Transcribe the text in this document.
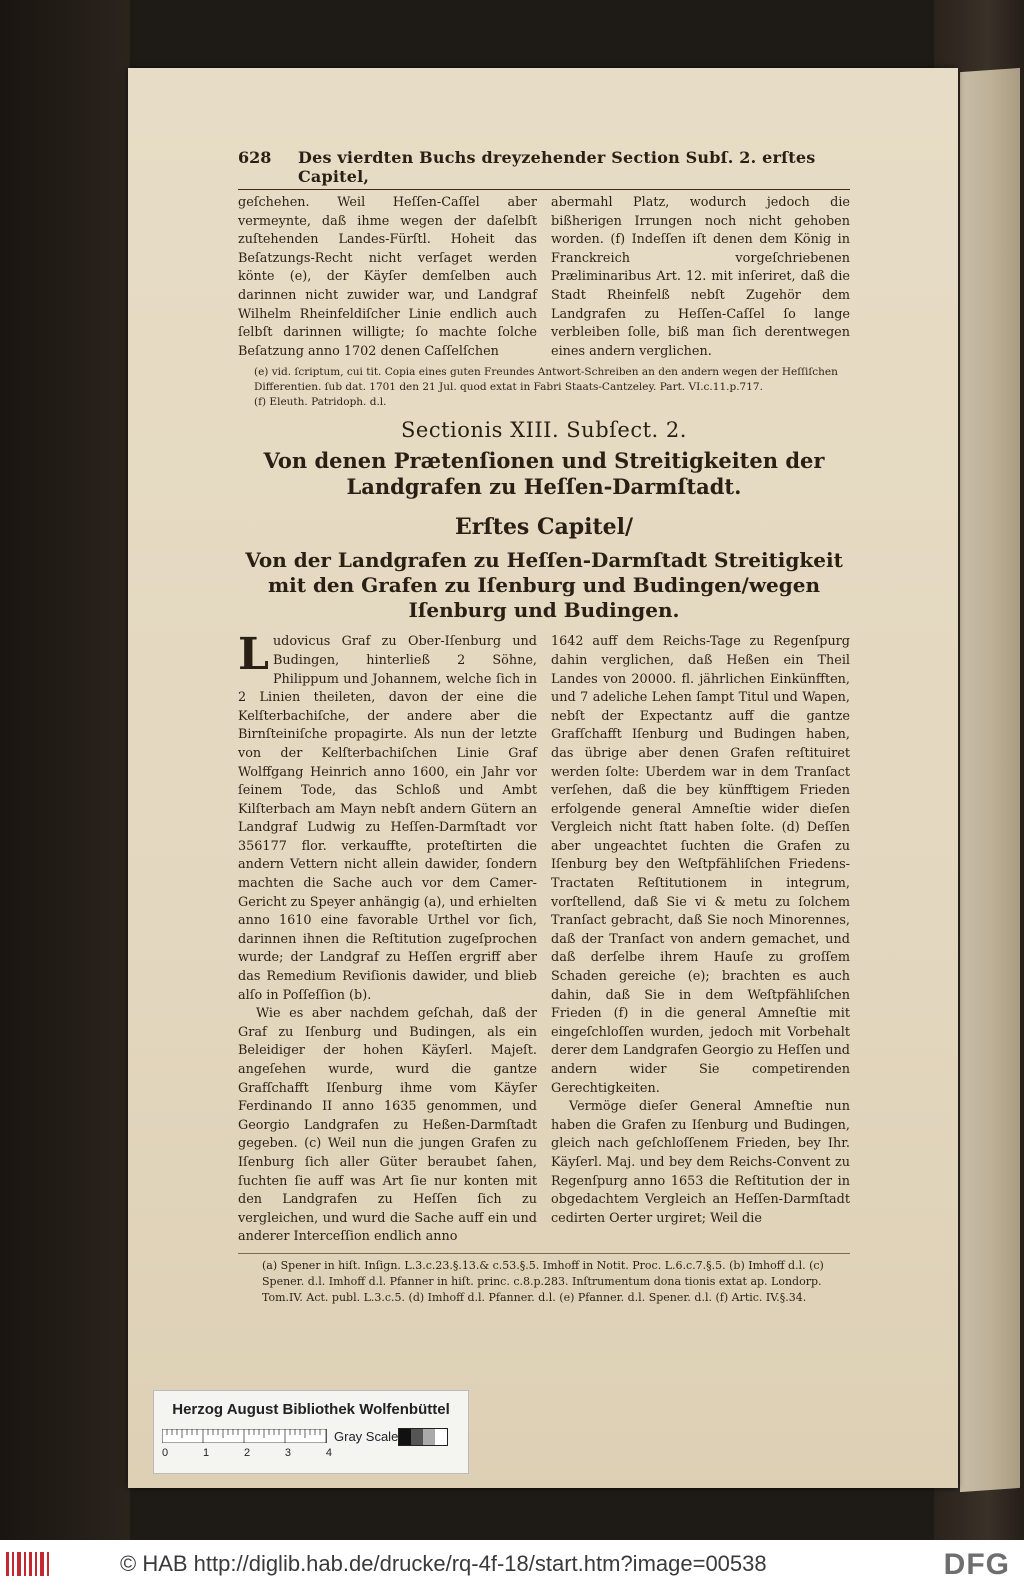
628	Des vierdten Buchs dreyzehender Section Subſ. 2. erſtes Capitel,

geſchehen. Weil Heſſen-Caſſel aber vermeynte, daß ihme wegen der daſelbſt zuſtehenden Landes-Fürſtl. Hoheit das Beſatzungs-Recht nicht verſaget werden könte (e), der Käyſer demſelben auch darinnen nicht zuwider war, und Landgraf Wilhelm Rheinfeldiſcher Linie endlich auch ſelbſt darinnen willigte; ſo machte ſolche Beſatzung anno 1702 denen Caſſelſchen

abermahl Platz, wodurch jedoch die bißherigen Irrungen noch nicht gehoben worden. (f) Indeſſen iſt denen dem König in Franckreich vorgeſchriebenen Præliminaribus Art. 12. mit inſeriret, daß die Stadt Rheinfelß nebſt Zugehör dem Landgrafen zu Heſſen-Caſſel ſo lange verbleiben ſolle, biß man ſich derentwegen eines andern verglichen.

(e) vid. ſcriptum, cui tit. Copia eines guten Freundes Antwort-Schreiben an den andern wegen der Heſſiſchen Differentien. ſub dat. 1701 den 21 Jul. quod extat in Fabri Staats-Cantzeley. Part. VI.c.11.p.717.

(f) Eleuth. Patridoph. d.l.

Sectionis XIII. Subſect. 2.
Von denen Prætenſionen und Streitigkeiten der Landgrafen zu Heſſen-Darmſtadt.
Erſtes Capitel/
Von der Landgrafen zu Heſſen-Darmſtadt Streitigkeit mit den Grafen zu Iſenburg und Budingen/wegen Iſenburg und Budingen.

Ludovicus Graf zu Ober-Iſenburg und Budingen, hinterließ 2 Söhne, Philippum und Johannem, welche ſich in 2 Linien theileten, davon der eine die Kelſterbachiſche, der andere aber die Birnſteiniſche propagirte. Als nun der letzte von der Kelſterbachiſchen Linie Graf Wolffgang Heinrich anno 1600, ein Jahr vor ſeinem Tode, das Schloß und Ambt Kilſterbach am Mayn nebſt andern Gütern an Landgraf Ludwig zu Heſſen-Darmſtadt vor 356177 flor. verkauffte, proteſtirten die andern Vettern nicht allein dawider, ſondern machten die Sache auch vor dem Camer-Gericht zu Speyer anhängig (a), und erhielten anno 1610 eine favorable Urthel vor ſich, darinnen ihnen die Reſtitution zugeſprochen wurde; der Landgraf zu Heſſen ergriff aber das Remedium Reviſionis dawider, und blieb alſo in Poſſeſſion (b).

Wie es aber nachdem geſchah, daß der Graf zu Iſenburg und Budingen, als ein Beleidiger der hohen Käyſerl. Majeſt. angeſehen wurde, wurd die gantze Grafſchafft Iſenburg ihme vom Käyſer Ferdinando II anno 1635 genommen, und Georgio Landgrafen zu Heßen-Darmſtadt gegeben. (c) Weil nun die jungen Grafen zu Iſenburg ſich aller Güter beraubet ſahen, ſuchten ſie auff was Art ſie nur konten mit den Landgrafen zu Heſſen ſich zu vergleichen, und wurd die Sache auff ein und anderer Interceſſion endlich anno

1642 auff dem Reichs-Tage zu Regenſpurg dahin verglichen, daß Heßen ein Theil Landes von 20000. fl. jährlichen Einkünfften, und 7 adeliche Lehen ſampt Titul und Wapen, nebſt der Expectantz auff die gantze Grafſchafft Iſenburg und Budingen haben, das übrige aber denen Grafen reſtituiret werden ſolte: Uberdem war in dem Tranſact verſehen, daß die bey künfftigem Frieden erfolgende general Amneſtie wider dieſen Vergleich nicht ſtatt haben ſolte. (d) Deſſen aber ungeachtet ſuchten die Grafen zu Iſenburg bey den Weſtpfähliſchen Friedens-Tractaten Reſtitutionem in integrum, vorſtellend, daß Sie vi & metu zu ſolchem Tranſact gebracht, daß Sie noch Minorennes, daß der Tranſact von andern gemachet, und daß derſelbe ihrem Hauſe zu groſſem Schaden gereiche (e); brachten es auch dahin, daß Sie in dem Weſtpfähliſchen Frieden (f) in die general Amneſtie mit eingeſchloſſen wurden, jedoch mit Vorbehalt derer dem Landgrafen Georgio zu Heſſen und andern wider Sie competirenden Gerechtigkeiten.

Vermöge dieſer General Amneſtie nun haben die Grafen zu Iſenburg und Budingen, gleich nach geſchloſſenem Frieden, bey Ihr. Käyſerl. Maj. und bey dem Reichs-Convent zu Regenſpurg anno 1653 die Reſtitution der in obgedachtem Vergleich an Heſſen-Darmſtadt cedirten Oerter urgiret; Weil die

(a) Spener in hiſt. Inſign. L.3.c.23.§.13.& c.53.§.5. Imhoff in Notit. Proc. L.6.c.7.§.5. (b) Imhoff d.l. (c) Spener. d.l. Imhoff d.l. Pfanner in hiſt. princ. c.8.p.283. Inſtrumentum dona tionis extat ap. Londorp. Tom.IV. Act. publ. L.3.c.5. (d) Imhoff d.l. Pfanner. d.l. (e) Pfanner. d.l. Spener. d.l. (f) Artic. IV.§.34.

Herzog August Bibliothek Wolfenbüttel
Gray Scale
0	1	2	3	4
© HAB http://diglib.hab.de/drucke/rq-4f-18/start.htm?image=00538	DFG
